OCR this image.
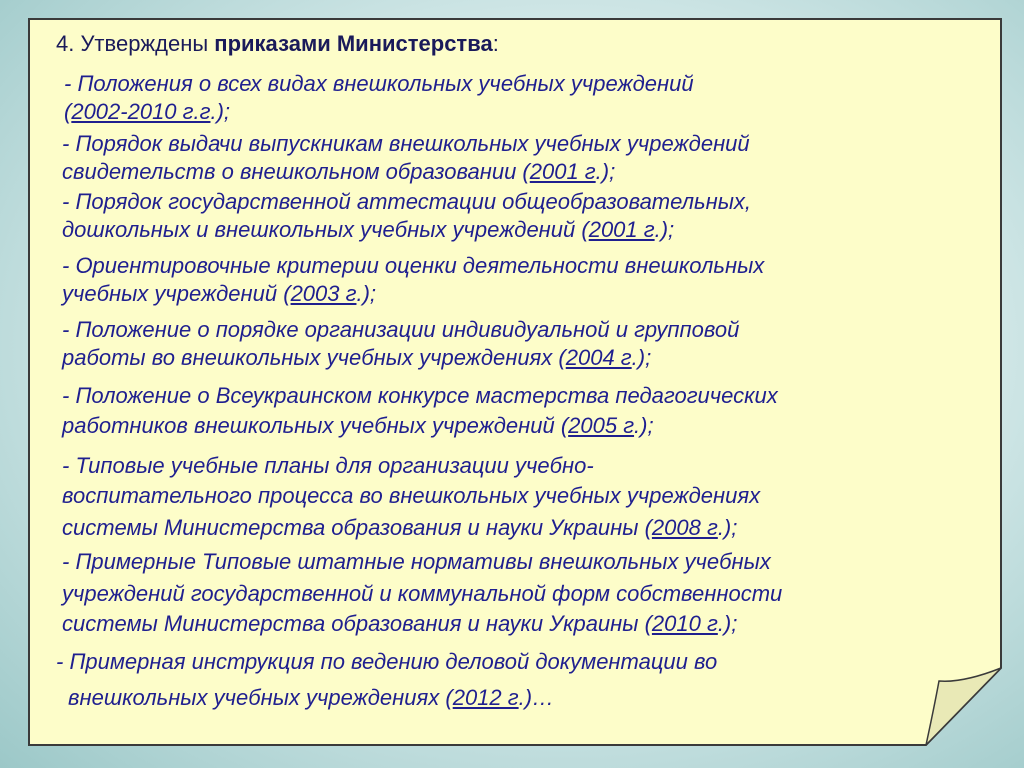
4. Утверждены приказами Министерства:
- Положения о всех видах внешкольных учебных учреждений
(2002-2010 г.г.);
- Порядок выдачи выпускникам внешкольных учебных учреждений
свидетельств о внешкольном образовании (2001 г.);
- Порядок государственной аттестации общеобразовательных,
дошкольных и внешкольных учебных учреждений (2001 г.);
- Ориентировочные критерии оценки деятельности внешкольных
учебных учреждений (2003 г.);
- Положение о порядке организации индивидуальной и групповой
работы во внешкольных учебных учреждениях (2004 г.);
- Положение о Всеукраинском конкурсе мастерства педагогических
работников внешкольных учебных учреждений (2005 г.);
- Типовые учебные планы для организации учебно-
воспитательного процесса во внешкольных учебных учреждениях
системы Министерства образования и науки Украины (2008 г.);
- Примерные Типовые штатные нормативы внешкольных учебных
учреждений государственной и коммунальной форм собственности
системы Министерства образования и науки Украины (2010 г.);
- Примерная инструкция по ведению деловой документации во
внешкольных учебных учреждениях (2012 г.)…
